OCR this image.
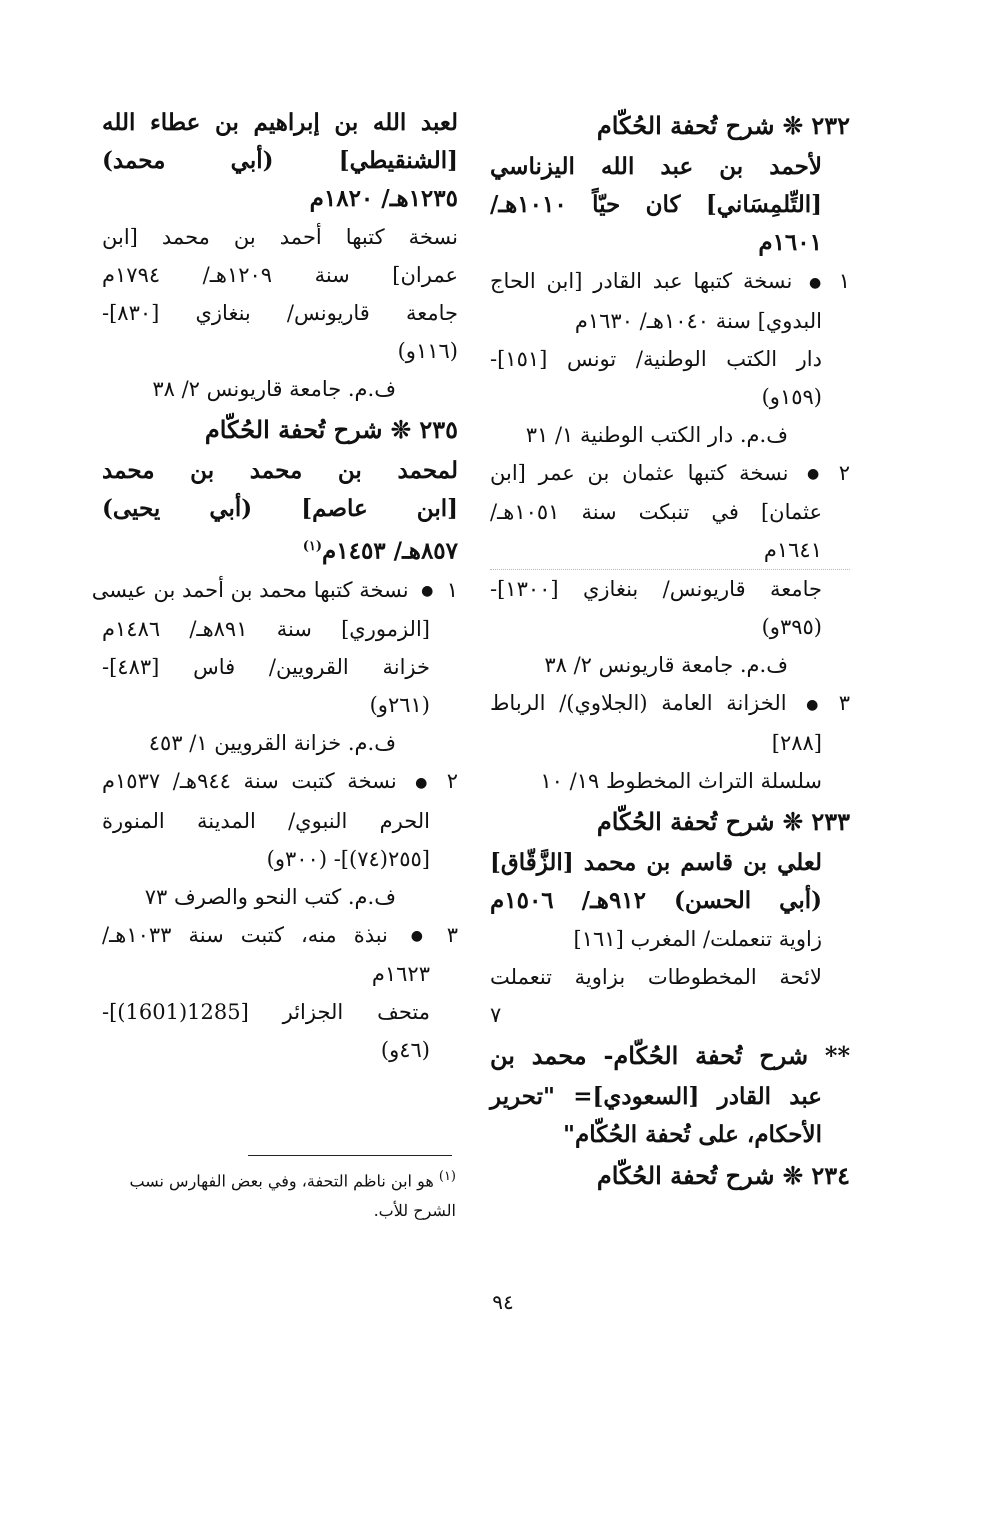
٢٣٢ ❊ شرح تُحفة الحُكّام
لأحمد بن عبد الله اليزناسي
[التِّلمِسَاني] كان حيّاً ١٠١٠هـ/
١٦٠١م
١ ● نسخة كتبها عبد القادر [ابن الحاج
البدوي] سنة ١٠٤٠هـ/ ١٦٣٠م
دار الكتب الوطنية/ تونس [١٥١]-
(١٥٩و)
ف.م. دار الكتب الوطنية ١/ ٣١
٢ ● نسخة كتبها عثمان بن عمر [ابن
عثمان] في تنبكت سنة ١٠٥١هـ/
١٦٤١م
جامعة قاريونس/ بنغازي [١٣٠٠]-
(٣٩٥و)
ف.م. جامعة قاريونس ٢/ ٣٨
٣ ● الخزانة العامة (الجلاوي)/ الرباط
[٢٨٨]
سلسلة التراث المخطوط ١٩/ ١٠
٢٣٣ ❊ شرح تُحفة الحُكّام
لعلي بن قاسم بن محمد [الزَّقّاق]
(أبي الحسن) ٩١٢هـ/ ١٥٠٦م
زاوية تنعملت/ المغرب [١٦١]
لائحة المخطوطات بزاوية تنعملت
٧
** شرح تُحفة الحُكّام- محمد بن
عبد القادر [السعودي]= "تحرير
الأحكام، على تُحفة الحُكّام"
٢٣٤ ❊ شرح تُحفة الحُكّام
لعبد الله بن إبراهيم بن عطاء الله
[الشنقيطي] (أبي محمد)
١٢٣٥هـ/ ١٨٢٠م
نسخة كتبها أحمد بن محمد [ابن
عمران] سنة ١٢٠٩هـ/ ١٧٩٤م
جامعة قاريونس/ بنغازي [٨٣٠]-
(١١٦و)
ف.م. جامعة قاريونس ٢/ ٣٨
٢٣٥ ❊ شرح تُحفة الحُكّام
لمحمد بن محمد بن محمد
[ابن عاصم] (أبي يحيى)
٨٥٧هـ/ ١٤٥٣م$^{(١)}$
١ ● نسخة كتبها محمد بن أحمد بن عيسى
[الزموري] سنة ٨٩١هـ/ ١٤٨٦م
خزانة القرويين/ فاس [٤٨٣]-
(٢٦١و)
ف.م. خزانة القرويين ١/ ٤٥٣
٢ ● نسخة كتبت سنة ٩٤٤هـ/ ١٥٣٧م
الحرم النبوي/ المدينة المنورة
[٢٥٥(٧٤)]- (٣٠٠و)
ف.م. كتب النحو والصرف ٧٣
٣ ● نبذة منه، كتبت سنة ١٠٣٣هـ/
١٦٢٣م
متحف الجزائر [1285(1601)]-
(٤٦و)
$^{(١)}$ هو ابن ناظم التحفة، وفي بعض الفهارس نسب
الشرح للأب.
٩٤
